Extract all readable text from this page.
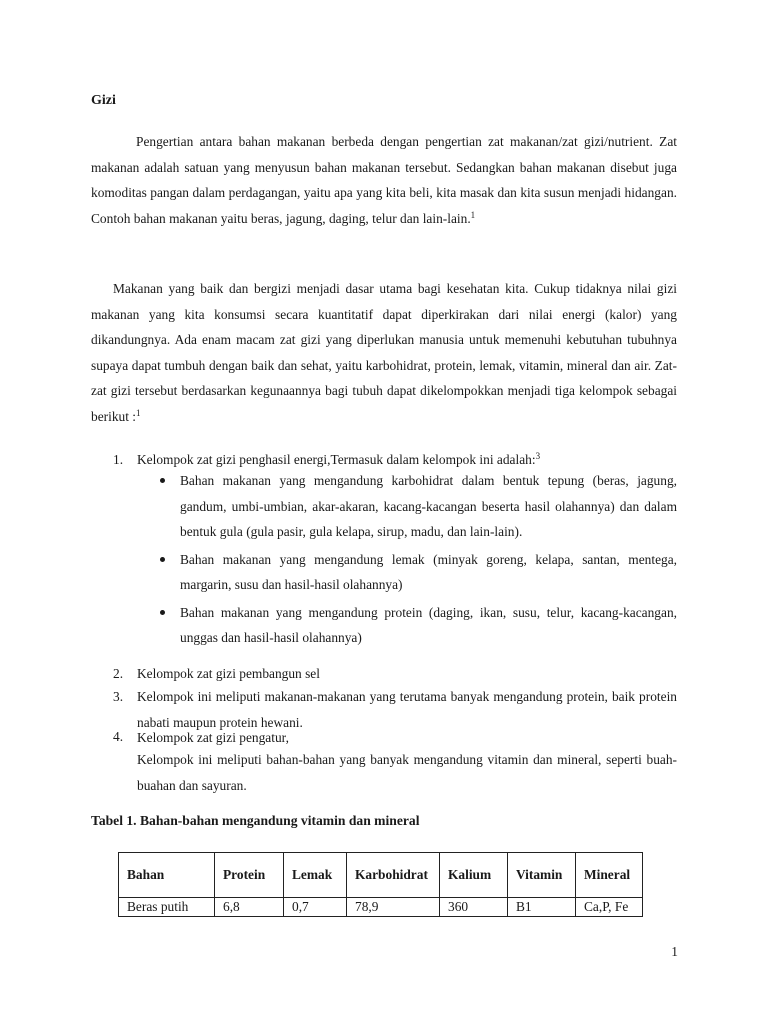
Gizi

Pengertian antara bahan makanan berbeda dengan pengertian zat makanan/zat gizi/nutrient. Zat makanan adalah satuan yang menyusun bahan makanan tersebut. Sedangkan bahan makanan disebut juga komoditas pangan dalam perdagangan, yaitu apa yang kita beli, kita masak dan kita susun menjadi hidangan. Contoh bahan makanan yaitu beras, jagung, daging, telur dan lain-lain.$^1$

Makanan yang baik dan bergizi menjadi dasar utama bagi kesehatan kita. Cukup tidaknya nilai gizi makanan yang kita konsumsi secara kuantitatif dapat diperkirakan dari nilai energi (kalor) yang dikandungnya. Ada enam macam zat gizi yang diperlukan manusia untuk memenuhi kebutuhan tubuhnya supaya dapat tumbuh dengan baik dan sehat, yaitu karbohidrat, protein, lemak, vitamin, mineral dan air. Zat-zat gizi tersebut berdasarkan kegunaannya bagi tubuh dapat dikelompokkan menjadi tiga kelompok sebagai berikut :$^1$

1.	Kelompok zat gizi penghasil energi,Termasuk dalam kelompok ini adalah:$^3$
Bahan makanan yang mengandung karbohidrat dalam bentuk tepung (beras, jagung, gandum, umbi-umbian, akar-akaran, kacang-kacangan beserta hasil olahannya) dan dalam bentuk gula (gula pasir, gula kelapa, sirup, madu, dan lain-lain).
Bahan makanan yang mengandung lemak (minyak goreng, kelapa, santan, mentega, margarin, susu dan hasil-hasil olahannya)
Bahan makanan yang mengandung protein (daging, ikan, susu, telur, kacang-kacangan, unggas dan hasil-hasil olahannya)
2.	Kelompok zat gizi pembangun sel
3.	Kelompok ini meliputi makanan-makanan yang terutama banyak mengandung protein, baik protein nabati maupun protein hewani.
4.	Kelompok zat gizi pengatur,
Kelompok ini meliputi bahan-bahan yang banyak mengandung vitamin dan mineral, seperti buah-buahan dan sayuran.
Tabel 1. Bahan-bahan mengandung vitamin dan mineral
Bahan	Protein	Lemak	Karbohidrat	Kalium	Vitamin	Mineral
Beras putih	6,8	0,7	78,9	360	B1	Ca,P, Fe
1
